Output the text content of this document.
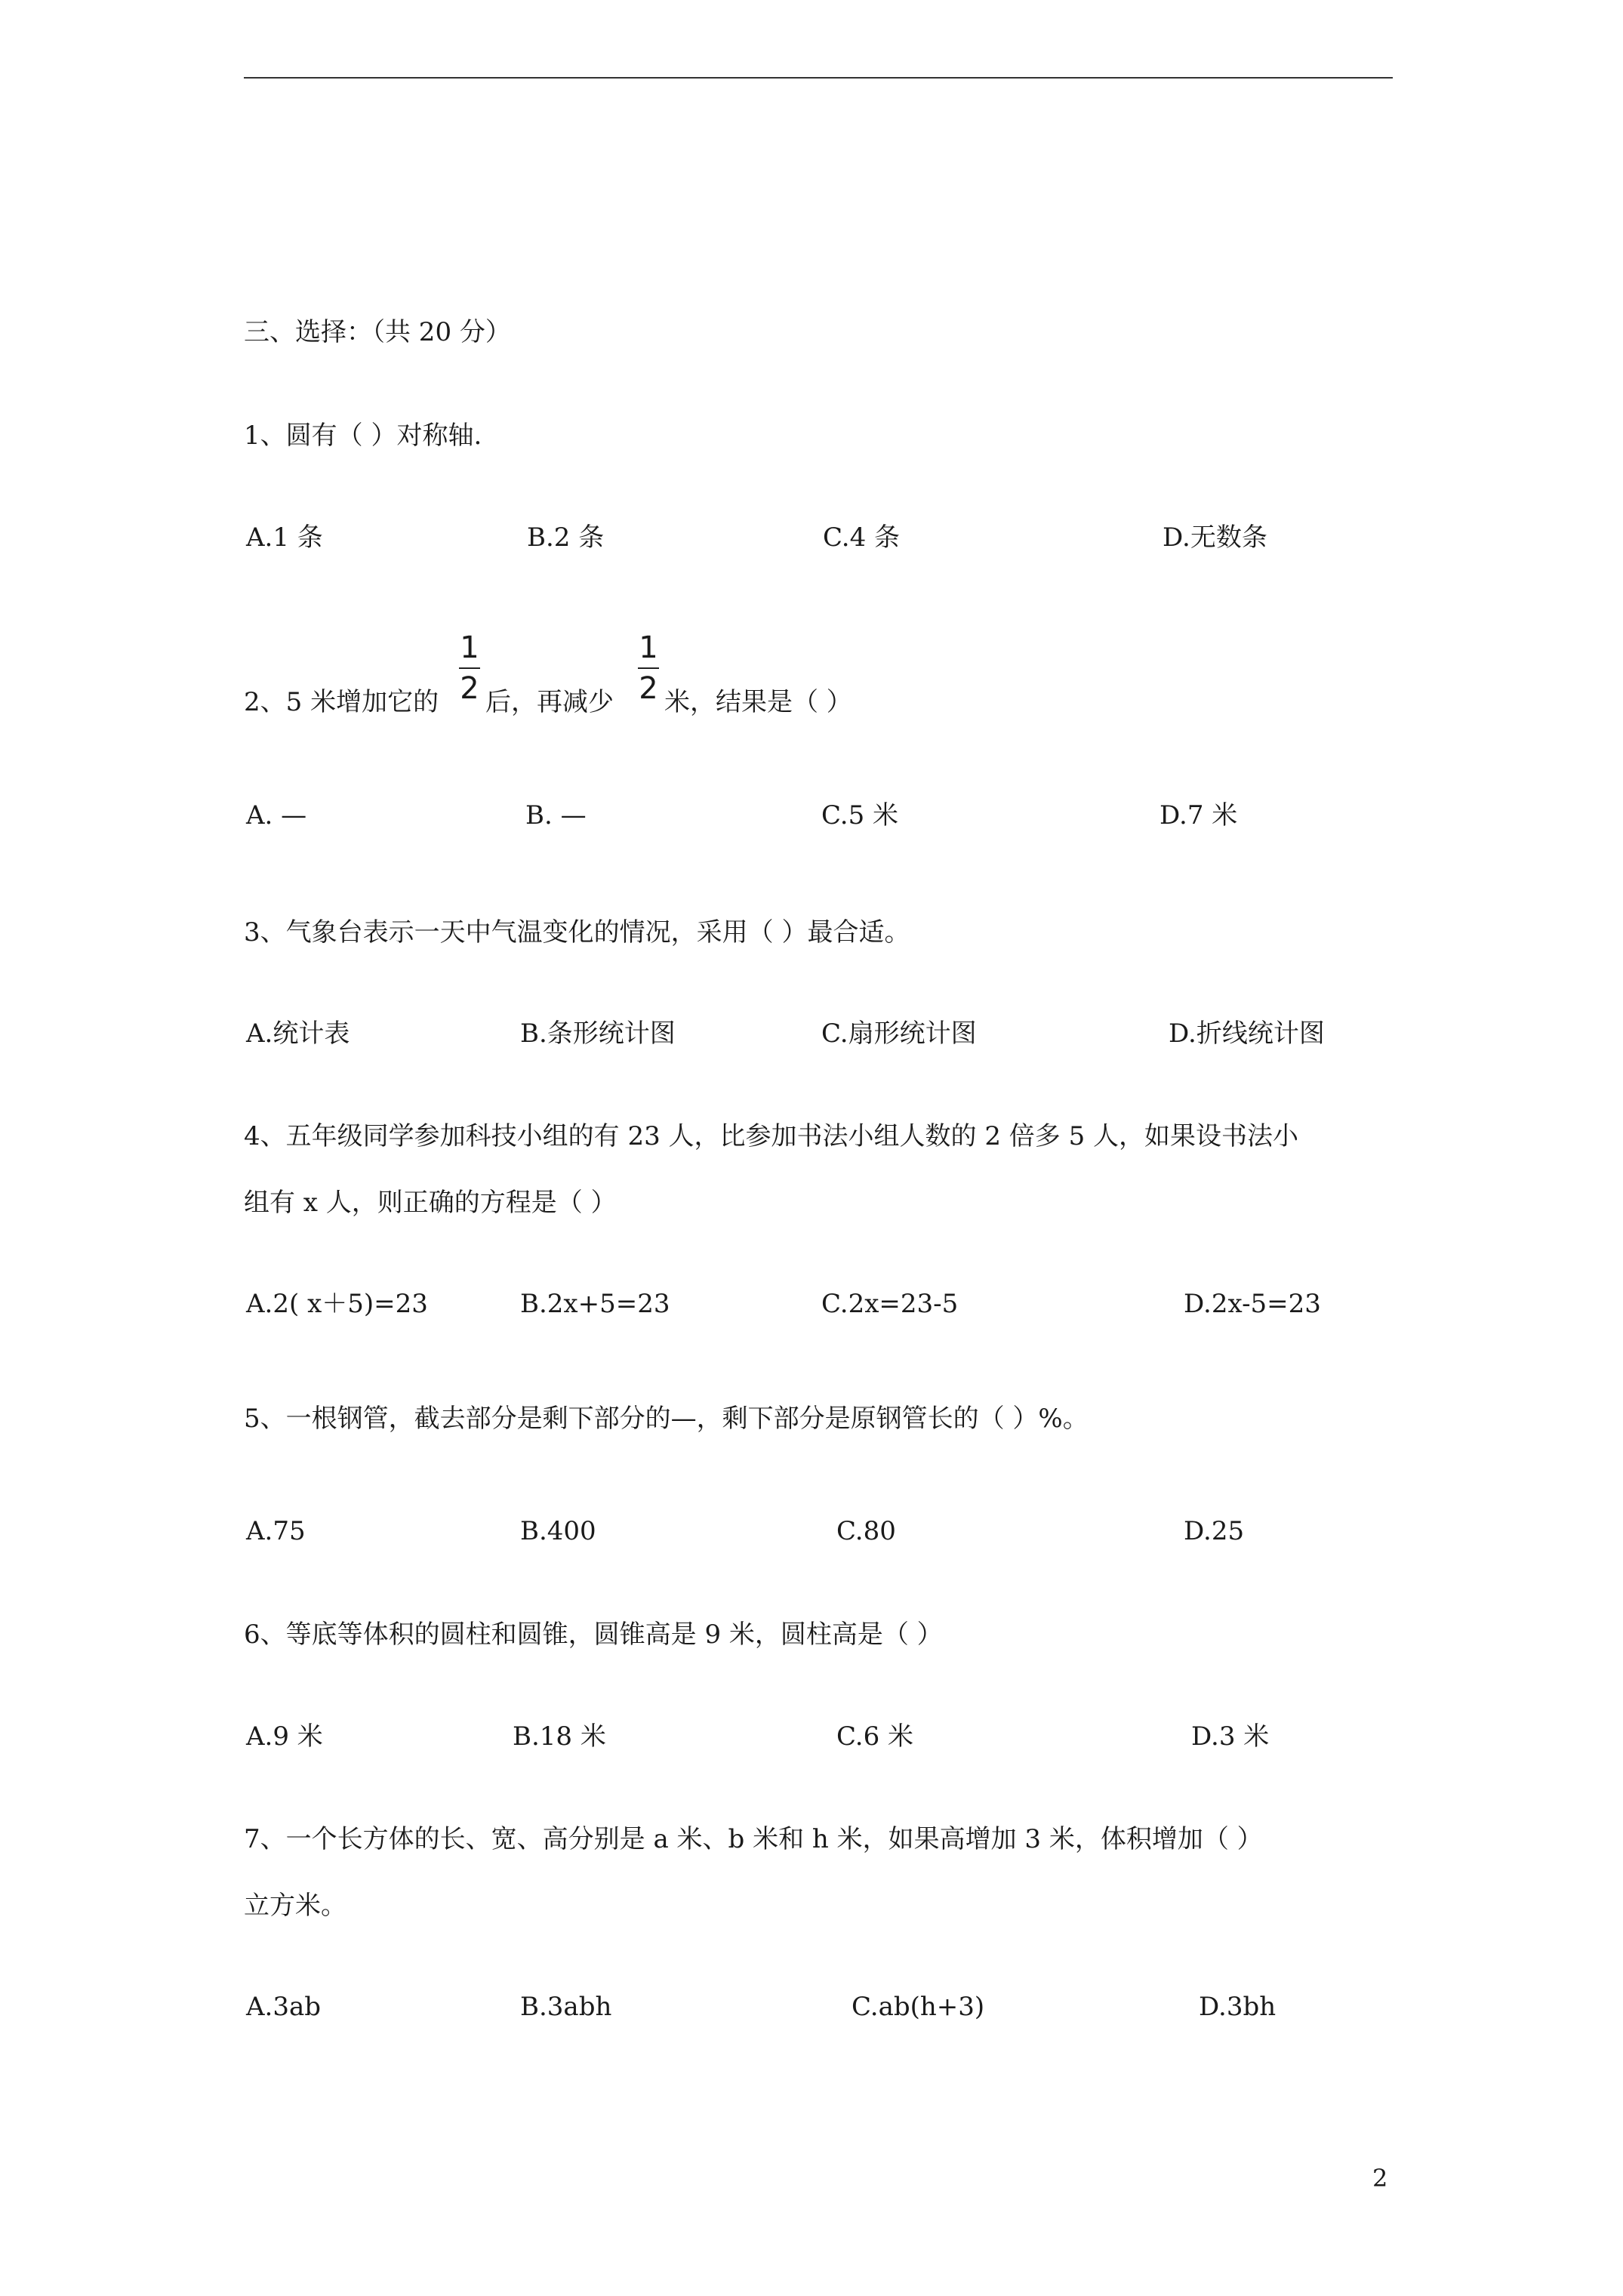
三、选择：（共 20 分）
1、圆有（ ）对称轴.
A.1 条	B.2 条	C.4 条	D.无数条
2、5 米增加它的
1
2 后，再减少
1
2 米，结果是（ ）
A. —	B. —	C.5 米	D.7 米
3、气象台表示一天中气温变化的情况，采用（ ）最合适。
A.统计表	B.条形统计图	C.扇形统计图	D.折线统计图
4、五年级同学参加科技小组的有 23 人，比参加书法小组人数的 2 倍多 5 人，如果设书法小
组有 x 人，则正确的方程是（ ）
A.2( x＋5)=23	B.2x+5=23	C.2x=23-5	D.2x-5=23
5、一根钢管，截去部分是剩下部分的—，剩下部分是原钢管长的（ ）%。
A.75	B.400	C.80	D.25
6、等底等体积的圆柱和圆锥，圆锥高是 9 米，圆柱高是（ ）
A.9 米	B.18 米	C.6 米	D.3 米
7、一个长方体的长、宽、高分别是 a 米、b 米和 h 米，如果高增加 3 米，体积增加（ ）
立方米。
A.3ab	B.3abh	C.ab(h+3)	D.3bh
2
